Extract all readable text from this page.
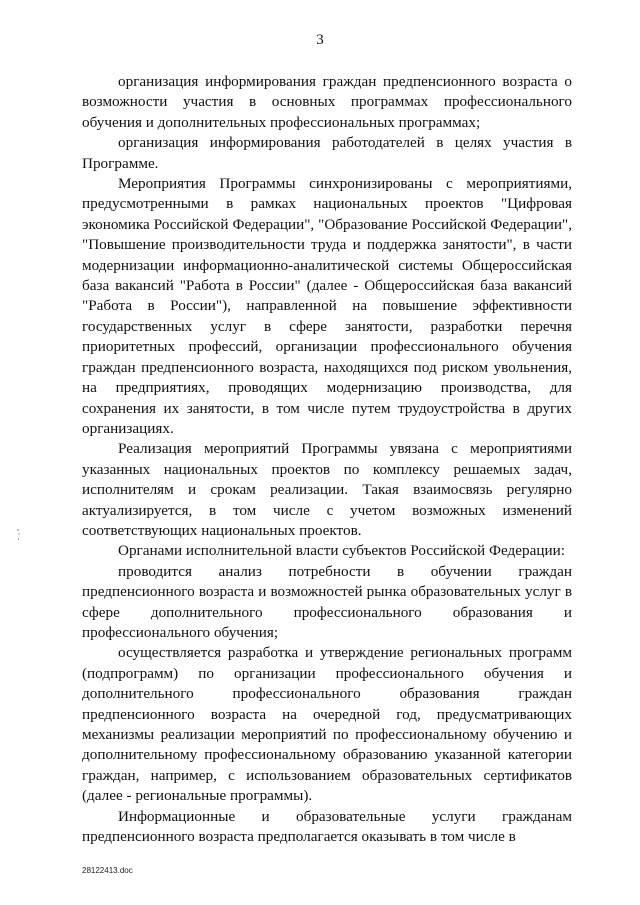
3

организация информирования граждан предпенсионного возраста о возможности участия в основных программах профессионального обучения и дополнительных профессиональных программах;

организация информирования работодателей в целях участия в Программе.

Мероприятия Программы синхронизированы с мероприятиями, предусмотренными в рамках национальных проектов "Цифровая экономика Российской Федерации", "Образование Российской Федерации", "Повышение производительности труда и поддержка занятости", в части модернизации информационно-аналитической системы Общероссийская база вакансий "Работа в России" (далее - Общероссийская база вакансий "Работа в России"), направленной на повышение эффективности государственных услуг в сфере занятости, разработки перечня приоритетных профессий, организации профессионального обучения граждан предпенсионного возраста, находящихся под риском увольнения, на предприятиях, проводящих модернизацию производства, для сохранения их занятости, в том числе путем трудоустройства в других организациях.

Реализация мероприятий Программы увязана с мероприятиями указанных национальных проектов по комплексу решаемых задач, исполнителям и срокам реализации. Такая взаимосвязь регулярно актуализируется, в том числе с учетом возможных изменений соответствующих национальных проектов.

Органами исполнительной власти субъектов Российской Федерации:

проводится анализ потребности в обучении граждан предпенсионного возраста и возможностей рынка образовательных услуг в сфере дополнительного профессионального образования и профессионального обучения;

осуществляется разработка и утверждение региональных программ (подпрограмм) по организации профессионального обучения и дополнительного профессионального образования граждан предпенсионного возраста на очередной год, предусматривающих механизмы реализации мероприятий по профессиональному обучению и дополнительному профессиональному образованию указанной категории граждан, например, с использованием образовательных сертификатов (далее - региональные программы).

Информационные и образовательные услуги гражданам предпенсионного возраста предполагается оказывать в том числе в

28122413.doc
